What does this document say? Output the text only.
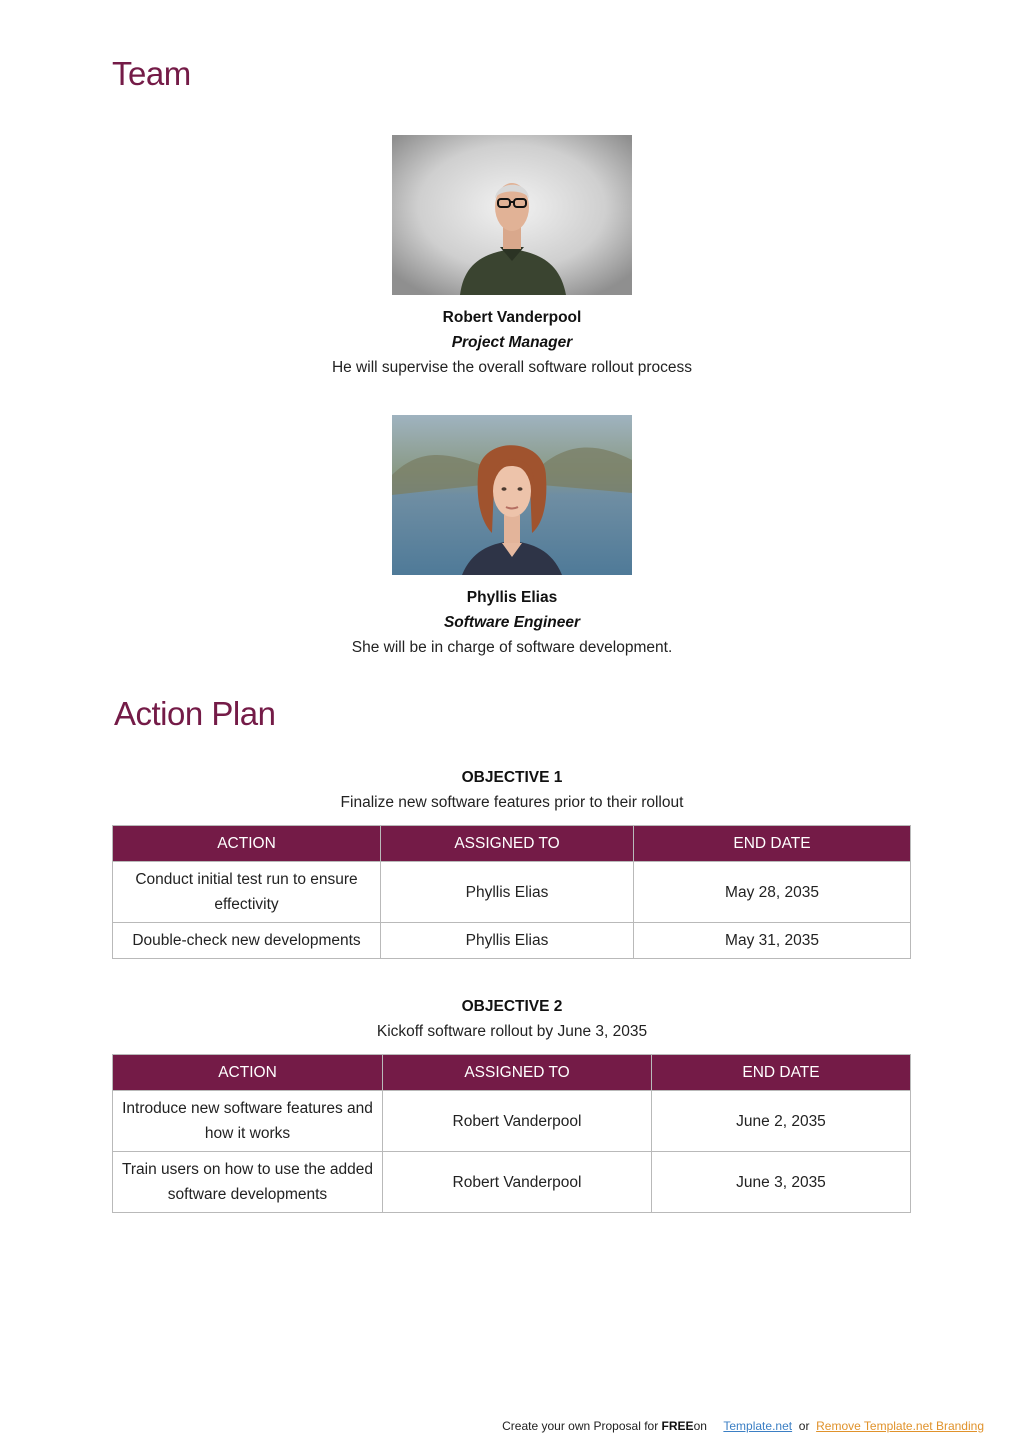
Team
Robert Vanderpool
Project Manager
He will supervise the overall software rollout process
Phyllis Elias
Software Engineer
She will be in charge of software development.
Action Plan
OBJECTIVE 1
Finalize new software features prior to their rollout
ACTION	ASSIGNED TO	END DATE
Conduct initial test run to ensure effectivity	Phyllis Elias	May 28, 2035
Double-check new developments	Phyllis Elias	May 31, 2035
OBJECTIVE 2
Kickoff software rollout by June 3, 2035
ACTION	ASSIGNED TO	END DATE
Introduce new software features and how it works	Robert Vanderpool	June 2, 2035
Train users on how to use the added software developments	Robert Vanderpool	June 3, 2035
Create your own Proposal for FREEon Template.net or Remove Template.net Branding
